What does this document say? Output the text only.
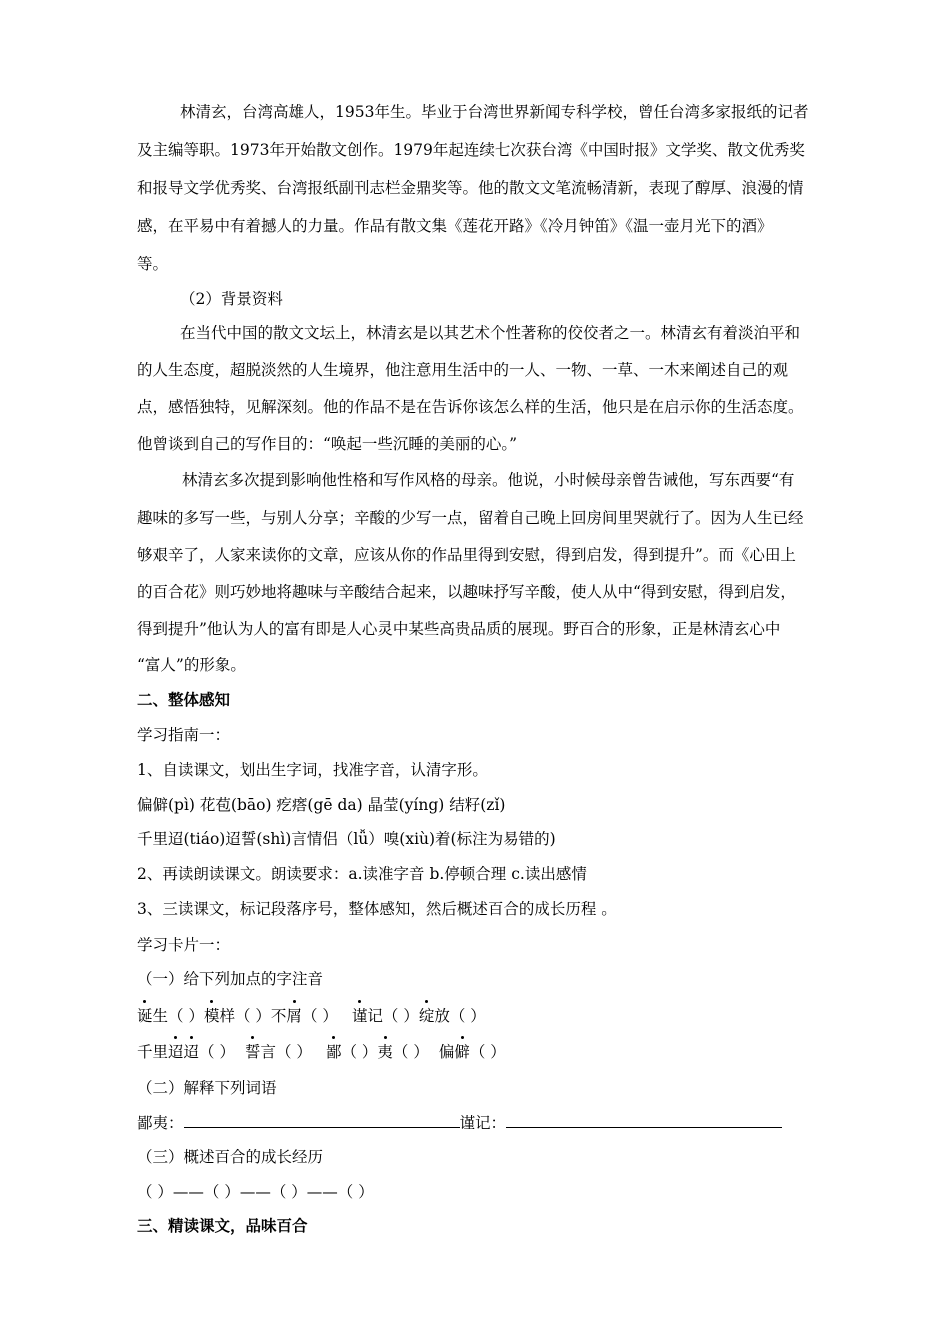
林清玄，台湾高雄人，1953年生。毕业于台湾世界新闻专科学校，曾任台湾多家报纸的记者
及主编等职。1973年开始散文创作。1979年起连续七次获台湾《中国时报》文学奖、散文优秀奖
和报导文学优秀奖、台湾报纸副刊志栏金鼎奖等。他的散文文笔流畅清新，表现了醇厚、浪漫的情
感，在平易中有着撼人的力量。作品有散文集《莲花开路》《冷月钟笛》《温一壶月光下的酒》
等。
（2）背景资料
在当代中国的散文文坛上，林清玄是以其艺术个性著称的佼佼者之一。林清玄有着淡泊平和
的人生态度，超脱淡然的人生境界，他注意用生活中的一人、一物、一草、一木来阐述自己的观
点，感悟独特，见解深刻。他的作品不是在告诉你该怎么样的生活，他只是在启示你的生活态度。
他曾谈到自己的写作目的：“唤起一些沉睡的美丽的心。”
林清玄多次提到影响他性格和写作风格的母亲。他说，小时候母亲曾告诫他，写东西要“有
趣味的多写一些，与别人分享；辛酸的少写一点，留着自己晚上回房间里哭就行了。因为人生已经
够艰辛了，人家来读你的文章，应该从你的作品里得到安慰，得到启发，得到提升”。而《心田上
的百合花》则巧妙地将趣味与辛酸结合起来，以趣味抒写辛酸，使人从中“得到安慰，得到启发，
得到提升”他认为人的富有即是人心灵中某些高贵品质的展现。野百合的形象，正是林清玄心中
“富人”的形象。
二、整体感知
学习指南一：
1、自读课文，划出生字词，找准字音，认清字形。
偏僻(pì) 花苞(bāo) 疙瘩(gē da) 晶莹(yíng) 结籽(zǐ)
千里迢(tiáo)迢誓(shì)言情侣（lǚ）嗅(xiù)着(标注为易错的)
2、再读朗读课文。朗读要求：a.读准字音 b.停顿合理 c.读出感情
3、三读课文，标记段落序号，整体感知，然后概述百合的成长历程 。
学习卡片一：
（一）给下列加点的字注音
诞生（ ）模样（ ）不屑（ ） 谨记（ ）绽放（ ）
千里迢迢（ ） 誓言（ ） 鄙（ ）夷（ ） 偏僻（ ）
（二）解释下列词语
鄙夷：	谨记：
（三）概述百合的成长经历
（ ）——（ ）——（ ）——（ ）
三、精读课文，品味百合
